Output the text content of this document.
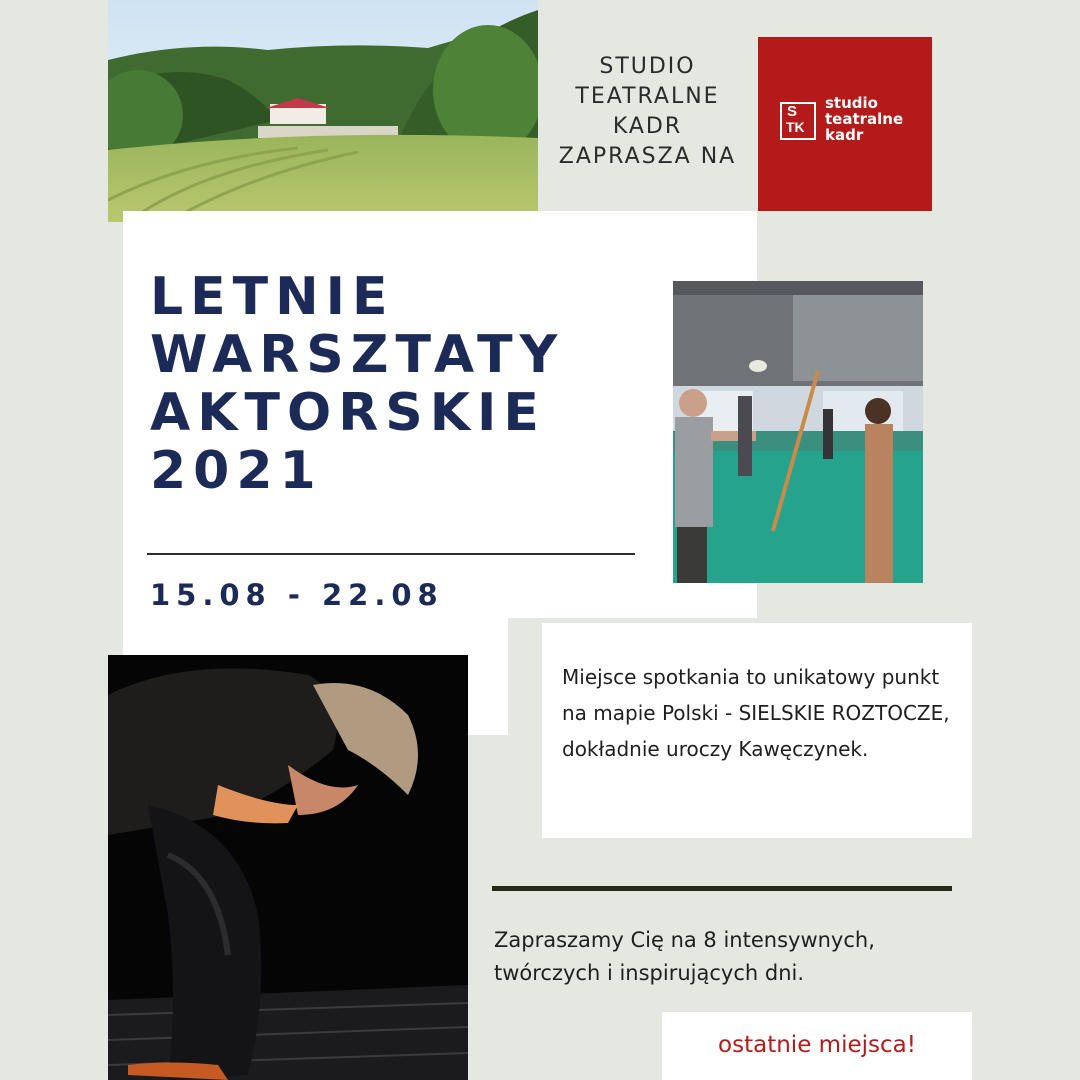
STUDIO
TEATRALNE
KADR
ZAPRASZA NA
S
TK
studio
teatralne
kadr
LETNIE
WARSZTATY
AKTORSKIE
2021
15.08 - 22.08
Miejsce spotkania to unikatowy punkt na mapie Polski - SIELSKIE ROZTOCZE, dokładnie uroczy Kawęczynek.
Zapraszamy Cię na 8 intensywnych, twórczych i inspirujących dni.
ostatnie miejsca!
